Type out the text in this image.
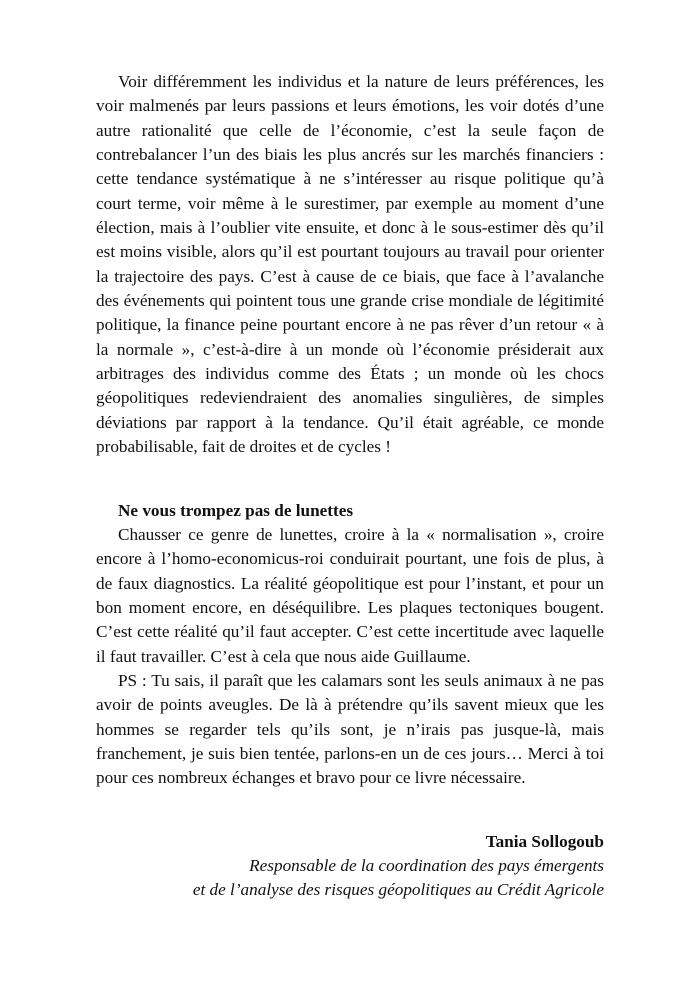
Voir différemment les individus et la nature de leurs préférences, les voir malmenés par leurs passions et leurs émotions, les voir dotés d’une autre rationalité que celle de l’économie, c’est la seule façon de contrebalancer l’un des biais les plus ancrés sur les marchés financiers : cette tendance systématique à ne s’intéresser au risque politique qu’à court terme, voir même à le surestimer, par exemple au moment d’une élection, mais à l’oublier vite ensuite, et donc à le sous-estimer dès qu’il est moins visible, alors qu’il est pourtant toujours au travail pour orienter la trajectoire des pays. C’est à cause de ce biais, que face à l’avalanche des événements qui pointent tous une grande crise mondiale de légitimité politique, la finance peine pourtant encore à ne pas rêver d’un retour « à la normale », c’est-à-dire à un monde où l’économie présiderait aux arbitrages des individus comme des États ; un monde où les chocs géopolitiques redeviendraient des anomalies singulières, de simples déviations par rapport à la tendance. Qu’il était agréable, ce monde probabilisable, fait de droites et de cycles !

Ne vous trompez pas de lunettes

Chausser ce genre de lunettes, croire à la « normalisation », croire encore à l’homo-economicus-roi conduirait pourtant, une fois de plus, à de faux diagnostics. La réalité géopolitique est pour l’instant, et pour un bon moment encore, en déséquilibre. Les plaques tectoniques bougent. C’est cette réalité qu’il faut accepter. C’est cette incertitude avec laquelle il faut travailler. C’est à cela que nous aide Guillaume.

PS : Tu sais, il paraît que les calamars sont les seuls animaux à ne pas avoir de points aveugles. De là à prétendre qu’ils savent mieux que les hommes se regarder tels qu’ils sont, je n’irais pas jusque-là, mais franchement, je suis bien tentée, parlons-en un de ces jours… Merci à toi pour ces nombreux échanges et bravo pour ce livre nécessaire.

Tania Sollogoub
Responsable de la coordination des pays émergents
et de l’analyse des risques géopolitiques au Crédit Agricole
